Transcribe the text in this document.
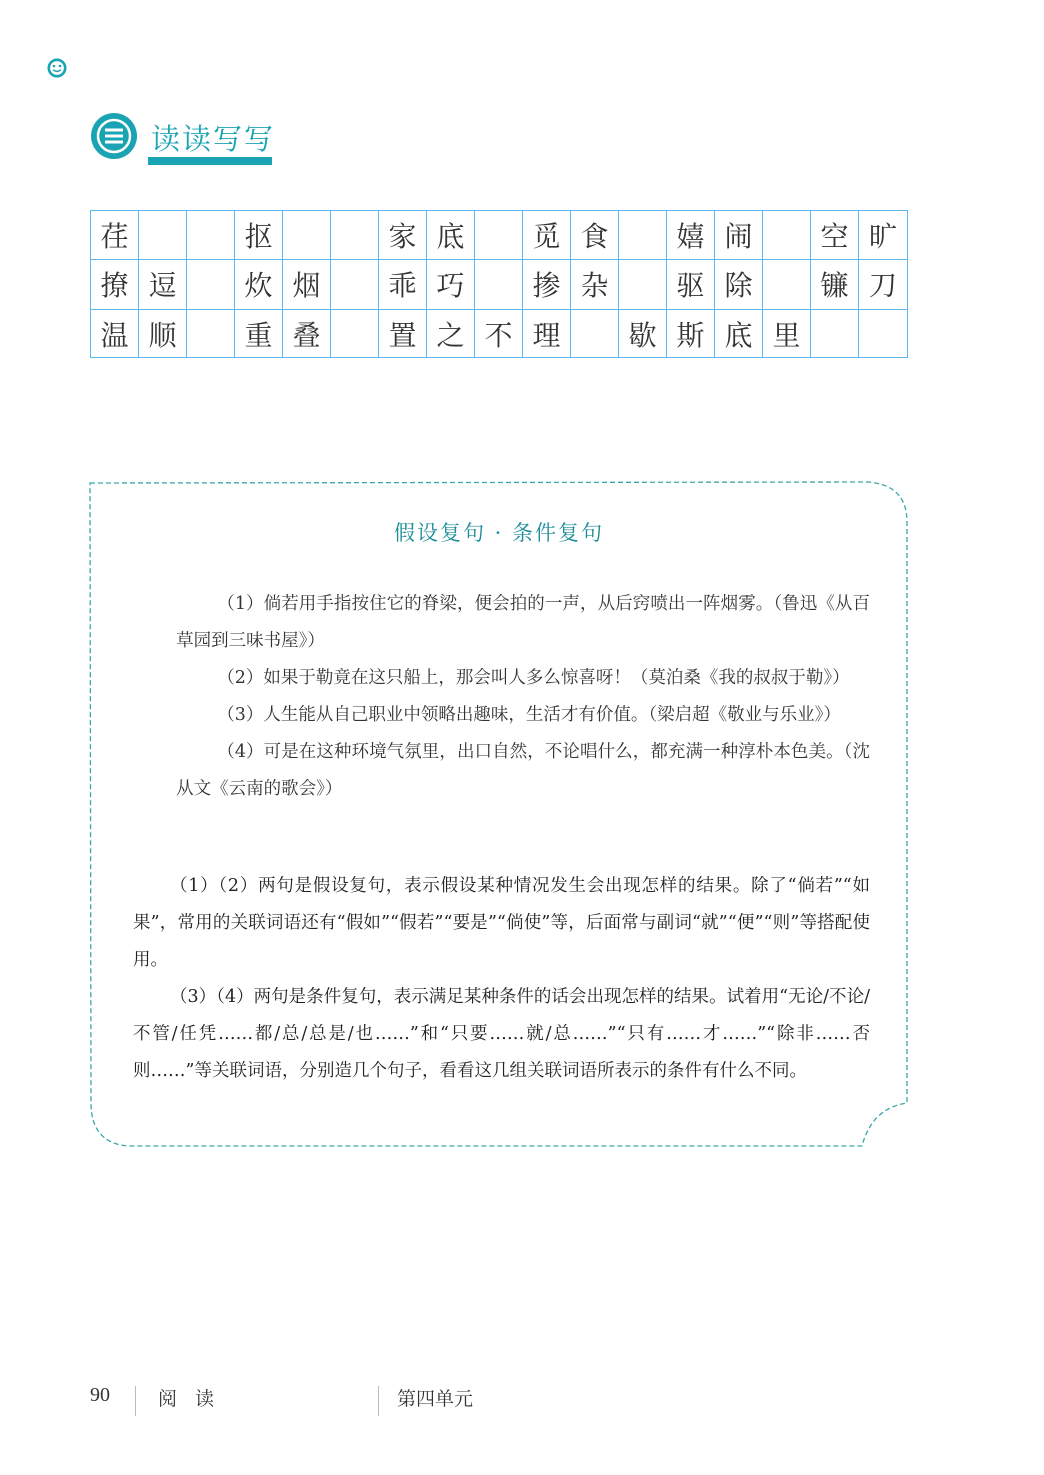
读读写写
荏	抠	家 底	觅 食	嬉 闹	空 旷
撩 逗	炊 烟	乖 巧	掺 杂	驱 除	镰 刀
温 顺	重 叠	置 之 不 理	歇 斯 底 里
假设复句 · 条件复句

（1）倘若用手指按住它的脊梁，便会拍的一声，从后窍喷出一阵烟雾。（鲁迅《从百草园到三味书屋》）

（2）如果于勒竟在这只船上，那会叫人多么惊喜呀！（莫泊桑《我的叔叔于勒》）

（3）人生能从自己职业中领略出趣味，生活才有价值。（梁启超《敬业与乐业》）

（4）可是在这种环境气氛里，出口自然，不论唱什么，都充满一种淳朴本色美。（沈从文《云南的歌会》）

（1）（2）两句是假设复句，表示假设某种情况发生会出现怎样的结果。除了“倘若”“如果”，常用的关联词语还有“假如”“假若”“要是”“倘使”等，后面常与副词“就”“便”“则”等搭配使用。

（3）（4）两句是条件复句，表示满足某种条件的话会出现怎样的结果。试着用“无论/不论/不管/任凭……都/总/总是/也……”和“只要……就/总……”“只有……才……”“除非……否则……”等关联词语，分别造几个句子，看看这几组关联词语所表示的条件有什么不同。

90	阅 读	第四单元
